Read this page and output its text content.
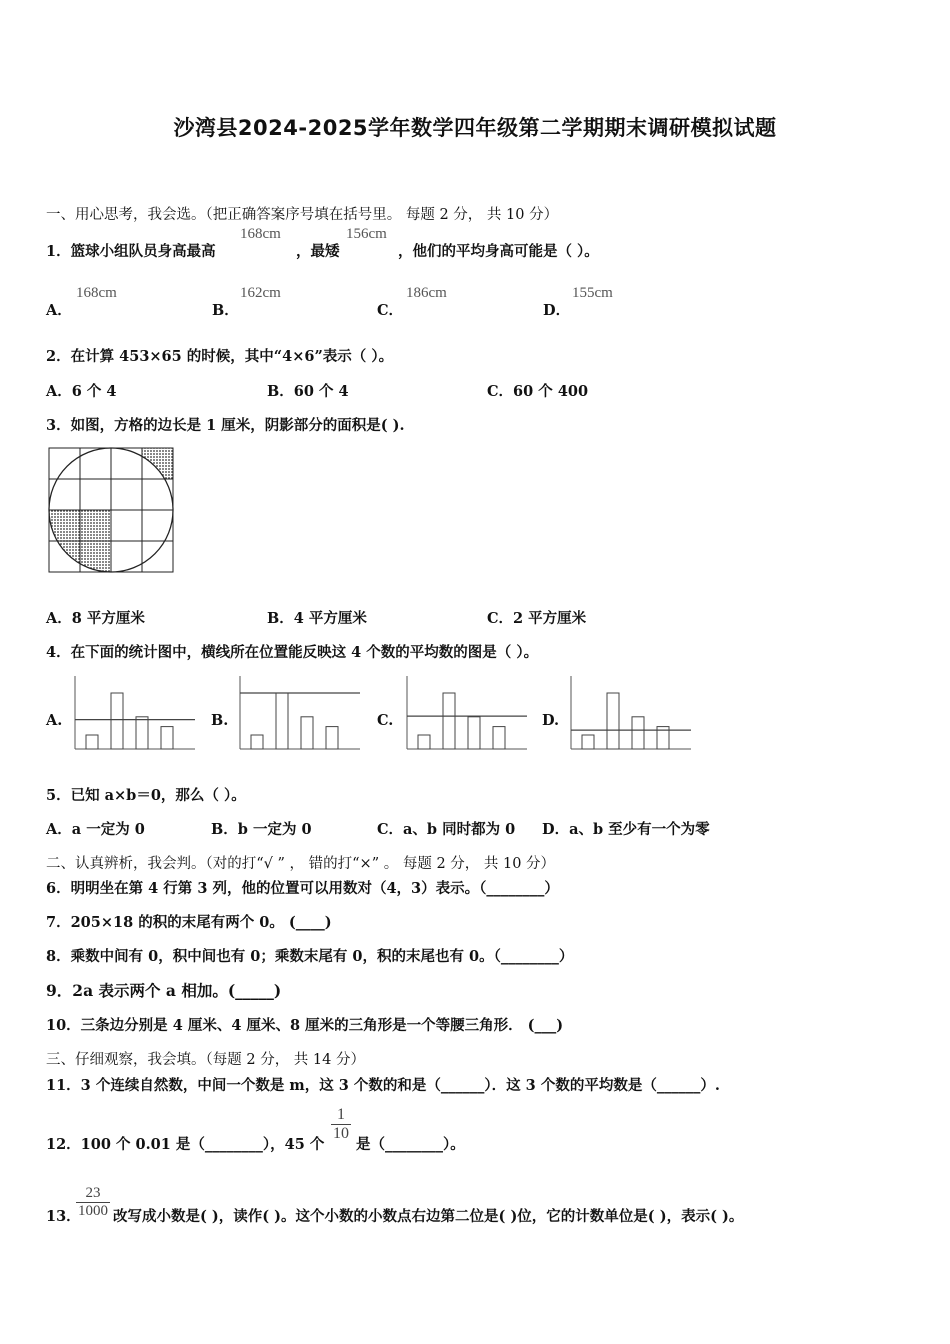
沙湾县2024-2025学年数学四年级第二学期期末调研模拟试题
一、用心思考，我会选。（把正确答案序号填在括号里。 每题 2 分， 共 10 分）
1．篮球小组队员身高最高
168cm
，最矮
156cm
，他们的平均身高可能是（ ）。
A．
168cm
B．
162cm
C．
186cm
D．
155cm
2．在计算 453×65 的时候，其中“4×6”表示（ ）。
A．6 个 4	B．60 个 4	C．60 个 400
3．如图，方格的边长是 1 厘米，阴影部分的面积是( ).
A．8 平方厘米	B．4 平方厘米	C．2 平方厘米
4．在下面的统计图中，横线所在位置能反映这 4 个数的平均数的图是（ ）。
A.	B.	C.	D.
5．已知 a×b＝0，那么（ ）。
A．a 一定为 0	B．b 一定为 0	C．a、b 同时都为 0 D．a、b 至少有一个为零
二、认真辨析，我会判。（对的打“√ ” ， 错的打“×” 。 每题 2 分， 共 10 分）
6．明明坐在第 4 行第 3 列，他的位置可以用数对（4，3）表示。（________）
7．205×18 的积的末尾有两个 0。 (____)
8．乘数中间有 0，积中间也有 0；乘数末尾有 0，积的末尾也有 0。（________）
9．2a 表示两个 a 相加。(_____)
10．三条边分别是 4 厘米、4 厘米、8 厘米的三角形是一个等腰三角形． (___)
三、仔细观察，我会填。（每题 2 分， 共 14 分）
11．3 个连续自然数，中间一个数是 m，这 3 个数的和是（______）．这 3 个数的平均数是（______）.
12．100 个 0.01 是（________），45 个
$\frac{1}{10}$
是（________）。
13．
$\frac{23}{1000}$ 改写成小数是( )，读作( )。这个小数的小数点右边第二位是( )位，它的计数单位是( )，表示( )。
